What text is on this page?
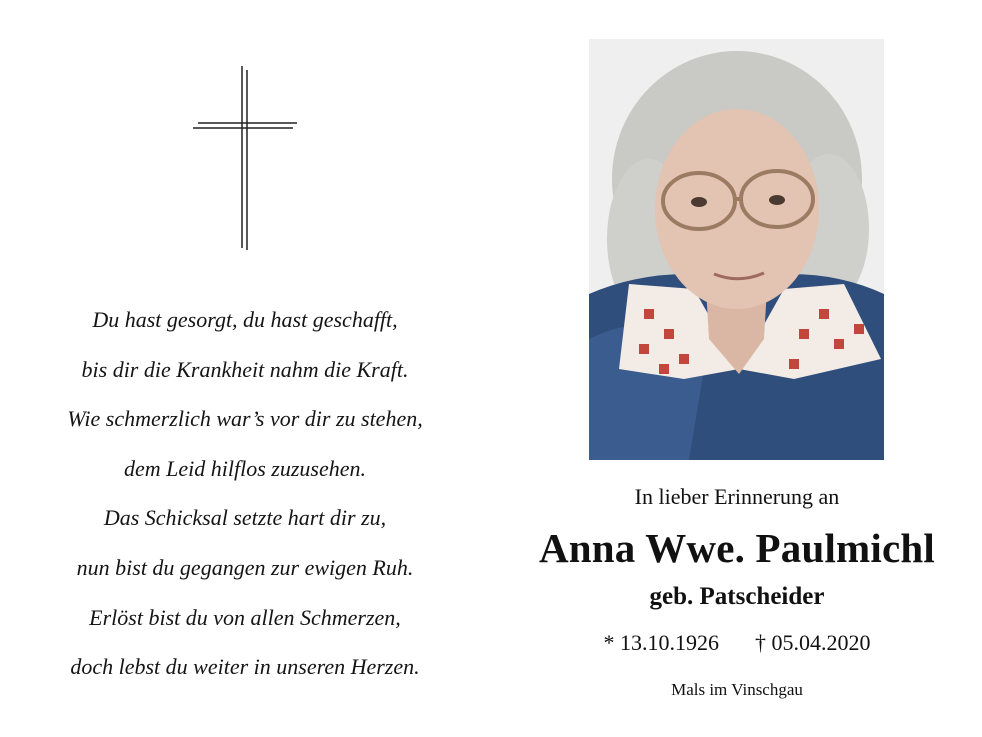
Du hast gesorgt, du hast geschafft,
bis dir die Krankheit nahm die Kraft.
Wie schmerzlich war’s vor dir zu stehen,
dem Leid hilflos zuzusehen.
Das Schicksal setzte hart dir zu,
nun bist du gegangen zur ewigen Ruh.
Erlöst bist du von allen Schmerzen,
doch lebst du weiter in unseren Herzen.
In lieber Erinnerung an
Anna Wwe. Paulmichl
geb. Patscheider
* 13.10.1926 † 05.04.2020
Mals im Vinschgau
